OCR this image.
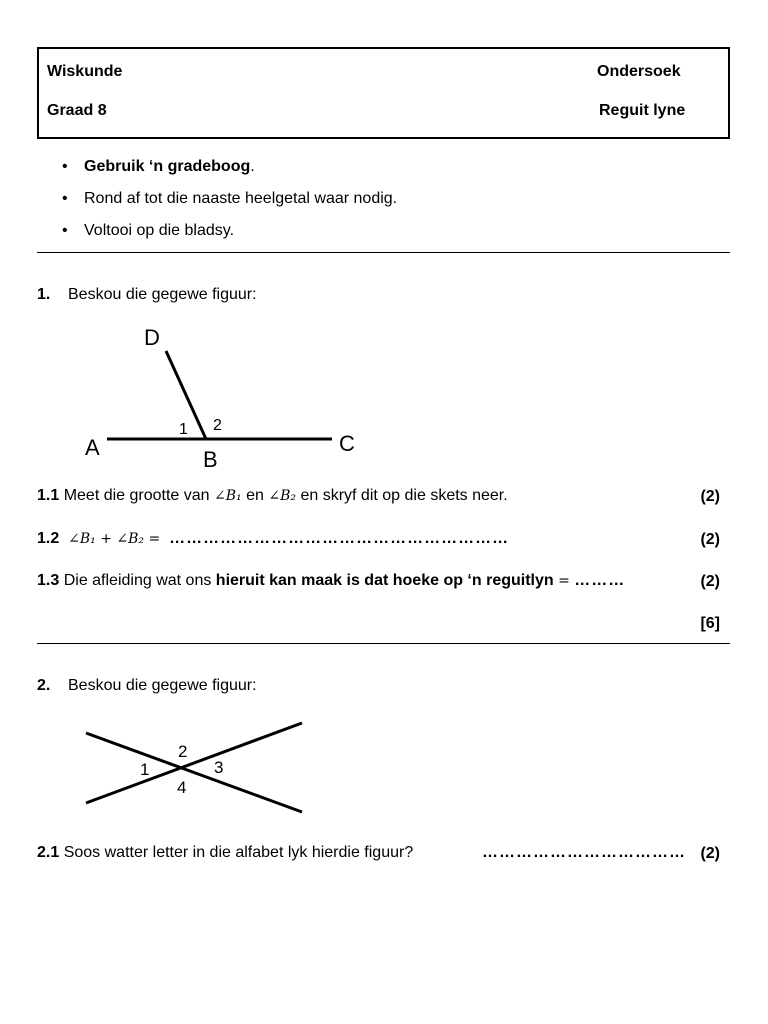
Wiskunde	Ondersoek
Graad 8	Reguit lyne
• Gebruik ‘n gradeboog.
• Rond af tot die naaste heelgetal waar nodig.
• Voltooi op die bladsy.
1. Beskou die gegewe figuur:
D
A	B
C
1 2
1.1 Meet die grootte van ∠B₁ en ∠B₂ en skryf dit op die skets neer.	(2)
1.2 ∠B₁ + ∠B₂ = ……………………………………………………	(2)
1.3 Die afleiding wat ons hieruit kan maak is dat hoeke op ‘n reguitlyn = ………	(2)
[6]
2. Beskou die gegewe figuur:
1
2
3
4
2.1 Soos watter letter in die alfabet lyk hierdie figuur?	……………………………… (2)
